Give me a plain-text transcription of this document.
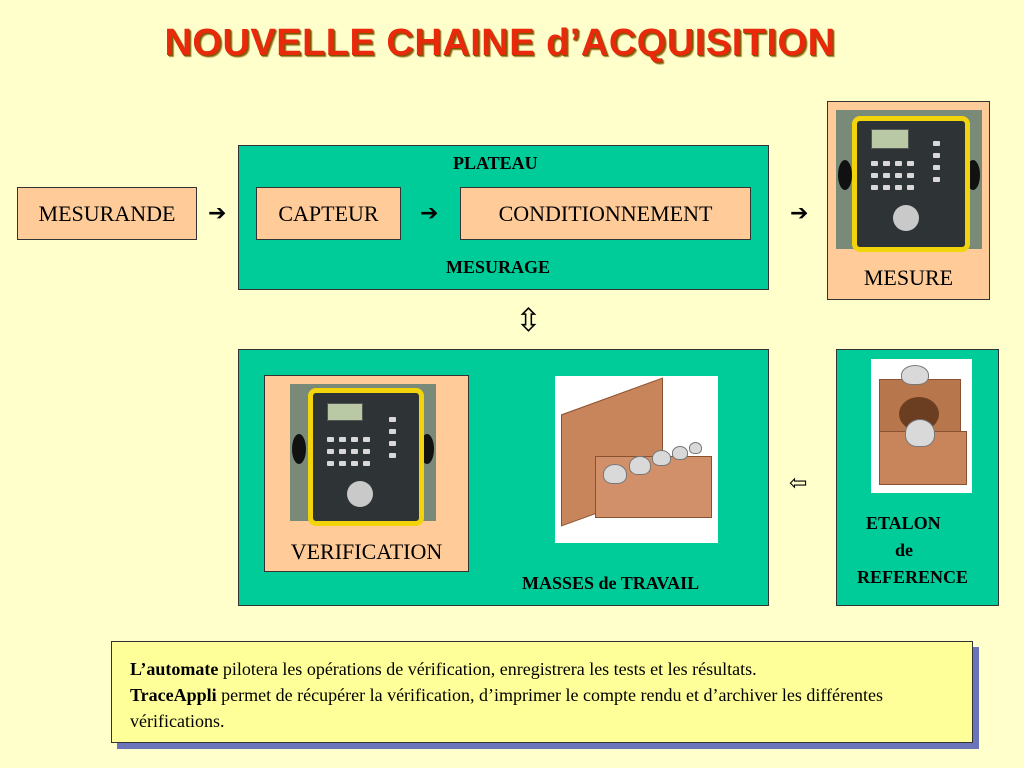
NOUVELLE CHAINE d’ACQUISITION
MESURANDE	➔
PLATEAU
CAPTEUR	➔	CONDITIONNEMENT
MESURAGE
➔
MESURE
⇳
VERIFICATION
MASSES de TRAVAIL
⇦
ETALON
de
REFERENCE
L’automate pilotera les opérations de vérification, enregistrera les tests et les résultats.
TraceAppli permet de récupérer la vérification, d’imprimer le compte rendu et d’archiver les différentes vérifications.
